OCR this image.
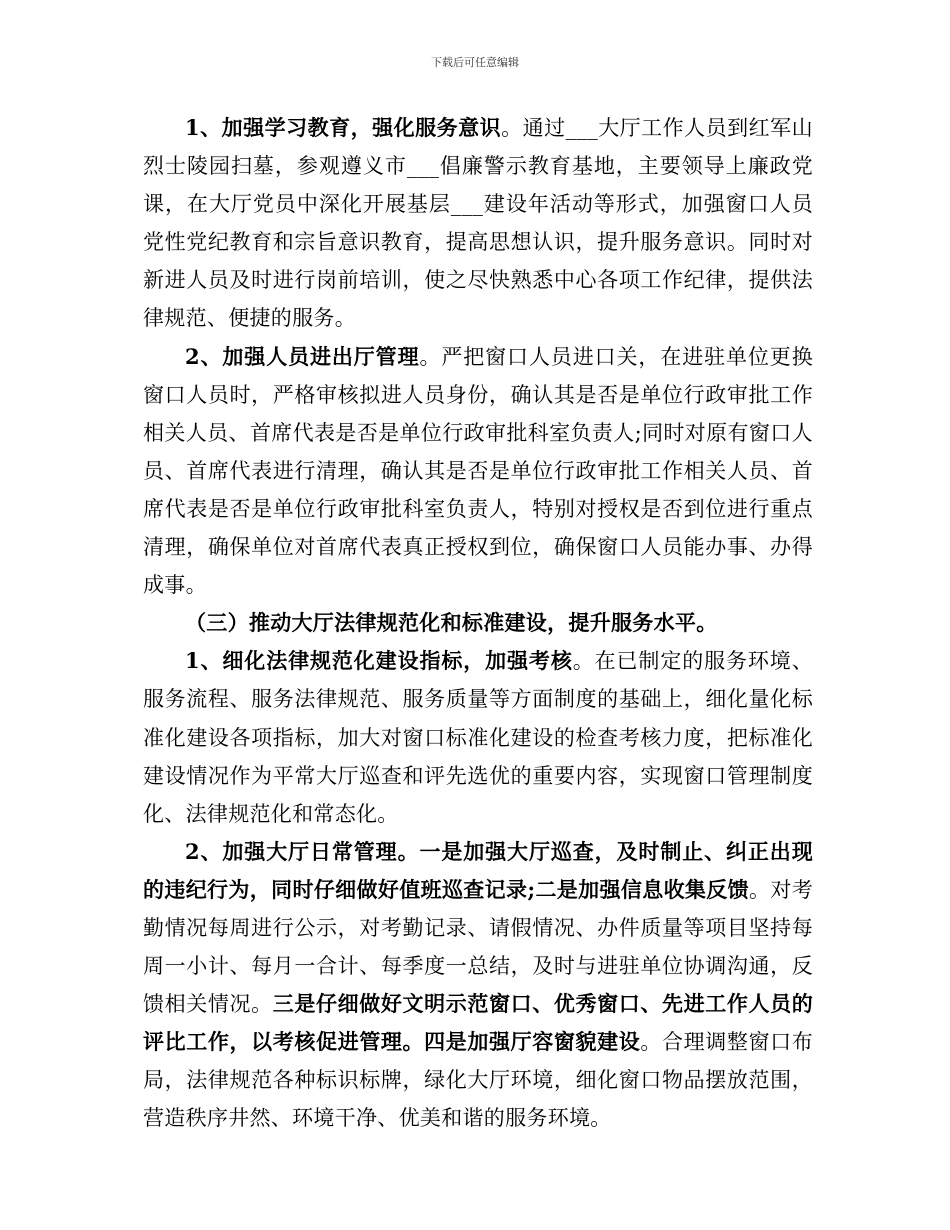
下载后可任意编辑

1、加强学习教育，强化服务意识。通过___大厅工作人员到红军山烈士陵园扫墓，参观遵义市___倡廉警示教育基地，主要领导上廉政党课，在大厅党员中深化开展基层___建设年活动等形式，加强窗口人员党性党纪教育和宗旨意识教育，提高思想认识，提升服务意识。同时对新进人员及时进行岗前培训，使之尽快熟悉中心各项工作纪律，提供法律规范、便捷的服务。

2、加强人员进出厅管理。严把窗口人员进口关，在进驻单位更换窗口人员时，严格审核拟进人员身份，确认其是否是单位行政审批工作相关人员、首席代表是否是单位行政审批科室负责人;同时对原有窗口人员、首席代表进行清理，确认其是否是单位行政审批工作相关人员、首席代表是否是单位行政审批科室负责人，特别对授权是否到位进行重点清理，确保单位对首席代表真正授权到位，确保窗口人员能办事、办得成事。

（三）推动大厅法律规范化和标准建设，提升服务水平。

1、细化法律规范化建设指标，加强考核。在已制定的服务环境、服务流程、服务法律规范、服务质量等方面制度的基础上，细化量化标准化建设各项指标，加大对窗口标准化建设的检查考核力度，把标准化建设情况作为平常大厅巡查和评先选优的重要内容，实现窗口管理制度化、法律规范化和常态化。

2、加强大厅日常管理。一是加强大厅巡查，及时制止、纠正出现的违纪行为，同时仔细做好值班巡查记录;二是加强信息收集反馈。对考勤情况每周进行公示，对考勤记录、请假情况、办件质量等项目坚持每周一小计、每月一合计、每季度一总结，及时与进驻单位协调沟通，反馈相关情况。三是仔细做好文明示范窗口、优秀窗口、先进工作人员的评比工作，以考核促进管理。四是加强厅容窗貌建设。合理调整窗口布局，法律规范各种标识标牌，绿化大厅环境，细化窗口物品摆放范围，营造秩序井然、环境干净、优美和谐的服务环境。
